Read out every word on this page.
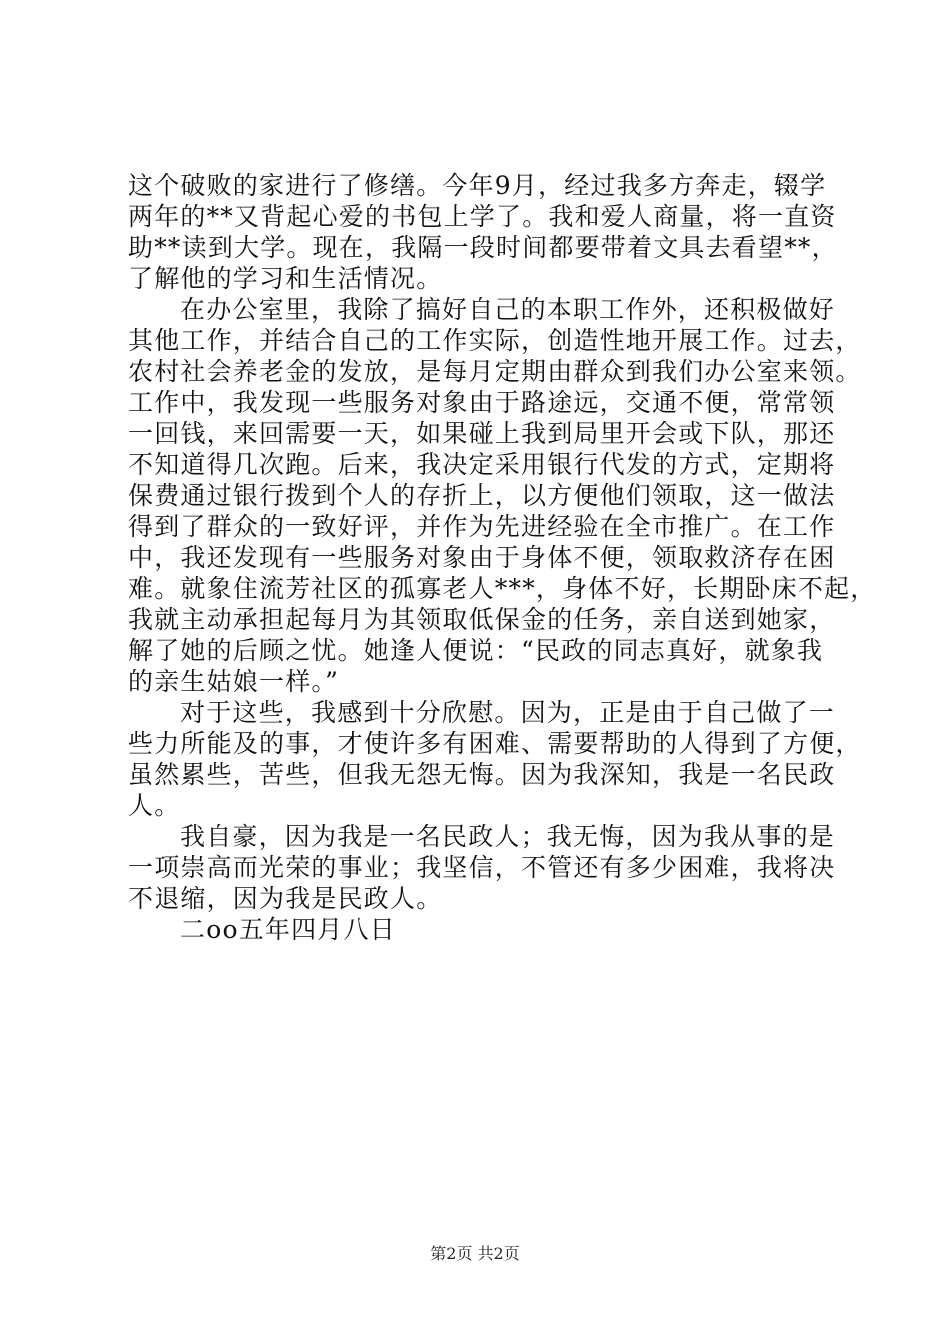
这个破败的家进行了修缮。今年9月，经过我多方奔走，辍学
两年的**又背起心爱的书包上学了。我和爱人商量，将一直资
助**读到大学。现在，我隔一段时间都要带着文具去看望**，
了解他的学习和生活情况。
在办公室里，我除了搞好自己的本职工作外，还积极做好
其他工作，并结合自己的工作实际，创造性地开展工作。过去，
农村社会养老金的发放，是每月定期由群众到我们办公室来领。
工作中，我发现一些服务对象由于路途远，交通不便，常常领
一回钱，来回需要一天，如果碰上我到局里开会或下队，那还
不知道得几次跑。后来，我决定采用银行代发的方式，定期将
保费通过银行拨到个人的存折上，以方便他们领取，这一做法
得到了群众的一致好评，并作为先进经验在全市推广。在工作
中，我还发现有一些服务对象由于身体不便，领取救济存在困
难。就象住流芳社区的孤寡老人***，身体不好，长期卧床不起，
我就主动承担起每月为其领取低保金的任务，亲自送到她家，
解了她的后顾之忧。她逢人便说：“民政的同志真好，就象我
的亲生姑娘一样。”
对于这些，我感到十分欣慰。因为，正是由于自己做了一
些力所能及的事，才使许多有困难、需要帮助的人得到了方便，
虽然累些，苦些，但我无怨无悔。因为我深知，我是一名民政
人。
我自豪，因为我是一名民政人；我无悔，因为我从事的是
一项崇高而光荣的事业；我坚信，不管还有多少困难，我将决
不退缩，因为我是民政人。
二oo五年四月八日
第2页 共2页
